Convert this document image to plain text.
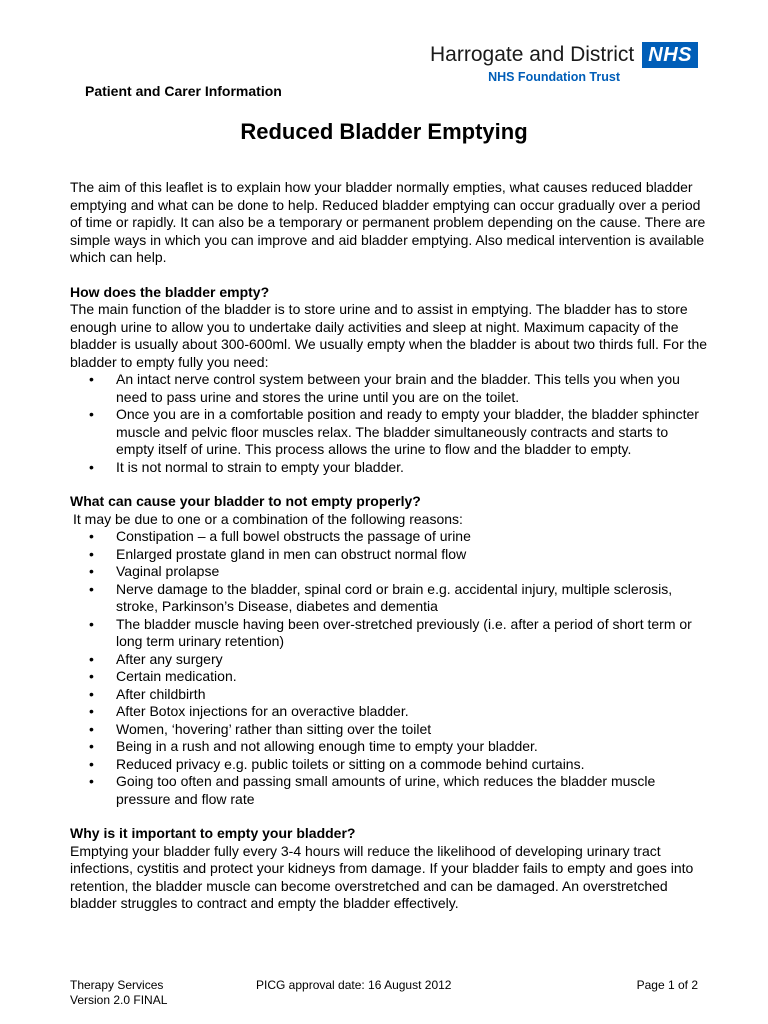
Harrogate and District NHS
NHS Foundation Trust
Patient and Carer Information
Reduced Bladder Emptying

The aim of this leaflet is to explain how your bladder normally empties, what causes reduced bladder emptying and what can be done to help. Reduced bladder emptying can occur gradually over a period of time or rapidly. It can also be a temporary or permanent problem depending on the cause. There are simple ways in which you can improve and aid bladder emptying. Also medical intervention is available which can help.

How does the bladder empty?

The main function of the bladder is to store urine and to assist in emptying. The bladder has to store enough urine to allow you to undertake daily activities and sleep at night. Maximum capacity of the bladder is usually about 300-600ml. We usually empty when the bladder is about two thirds full. For the bladder to empty fully you need:

• An intact nerve control system between your brain and the bladder. This tells you when you need to pass urine and stores the urine until you are on the toilet.
• Once you are in a comfortable position and ready to empty your bladder, the bladder sphincter muscle and pelvic floor muscles relax. The bladder simultaneously contracts and starts to empty itself of urine. This process allows the urine to flow and the bladder to empty.
• It is not normal to strain to empty your bladder.
What can cause your bladder to not empty properly?

It may be due to one or a combination of the following reasons:

• Constipation – a full bowel obstructs the passage of urine
• Enlarged prostate gland in men can obstruct normal flow
• Vaginal prolapse
• Nerve damage to the bladder, spinal cord or brain e.g. accidental injury, multiple sclerosis, stroke, Parkinson’s Disease, diabetes and dementia
• The bladder muscle having been over-stretched previously (i.e. after a period of short term or long term urinary retention)
• After any surgery
• Certain medication.
• After childbirth
• After Botox injections for an overactive bladder.
• Women, ‘hovering’ rather than sitting over the toilet
• Being in a rush and not allowing enough time to empty your bladder.
• Reduced privacy e.g. public toilets or sitting on a commode behind curtains.
• Going too often and passing small amounts of urine, which reduces the bladder muscle pressure and flow rate
Why is it important to empty your bladder?

Emptying your bladder fully every 3-4 hours will reduce the likelihood of developing urinary tract infections, cystitis and protect your kidneys from damage. If your bladder fails to empty and goes into retention, the bladder muscle can become overstretched and can be damaged. An overstretched bladder struggles to contract and empty the bladder effectively.

Therapy Services
Version 2.0 FINAL
PICG approval date: 16 August 2012	Page 1 of 2
